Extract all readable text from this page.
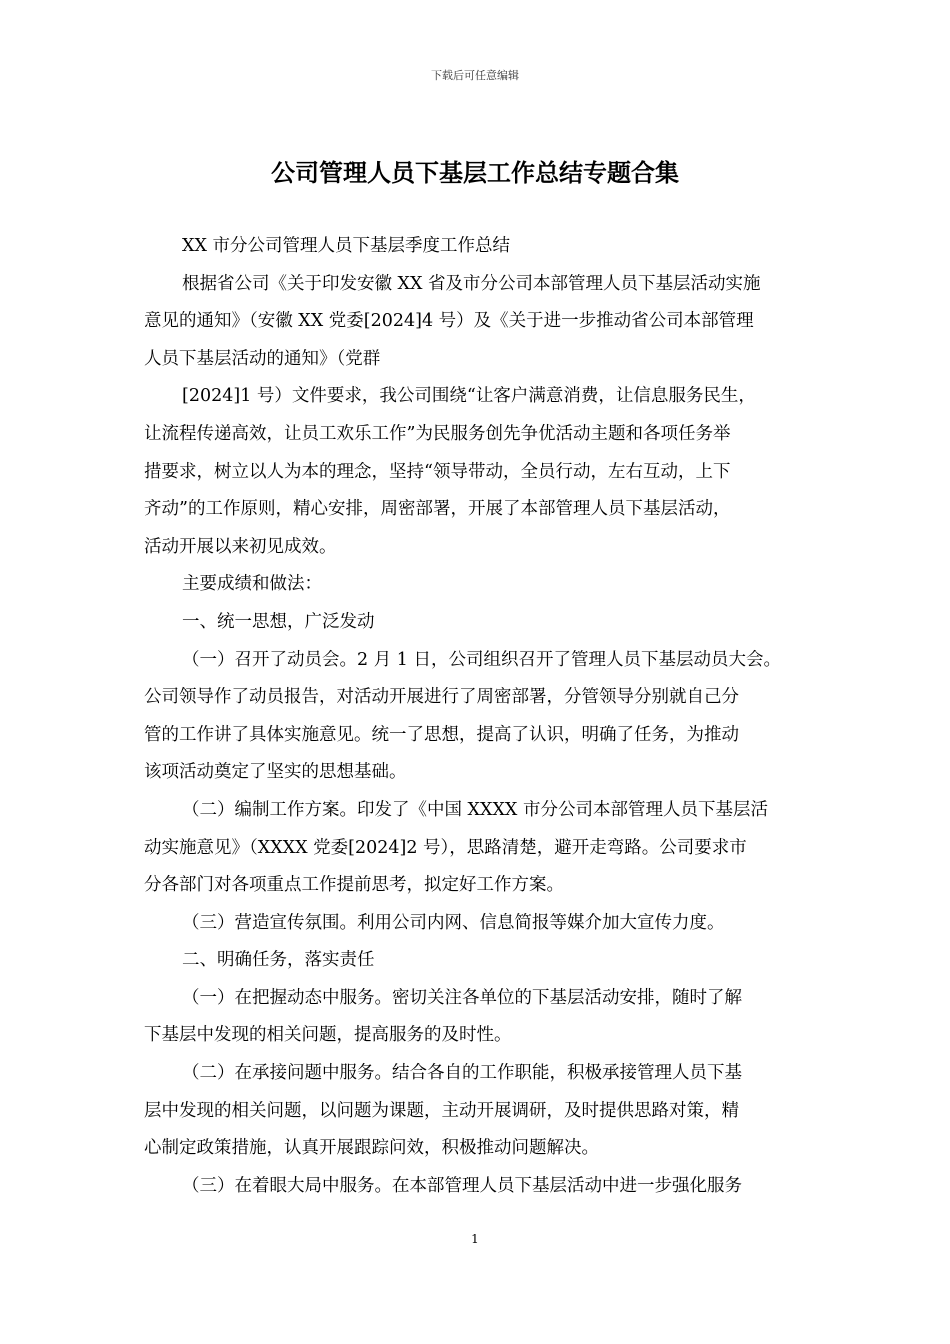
下载后可任意编辑
公司管理人员下基层工作总结专题合集
XX 市分公司管理人员下基层季度工作总结
根据省公司《关于印发安徽 XX 省及市分公司本部管理人员下基层活动实施
意见的通知》（安徽 XX 党委[2024]4 号）及《关于进一步推动省公司本部管理
人员下基层活动的通知》（党群
[2024]1 号）文件要求，我公司围绕“让客户满意消费，让信息服务民生，
让流程传递高效，让员工欢乐工作”为民服务创先争优活动主题和各项任务举
措要求，树立以人为本的理念，坚持“领导带动，全员行动，左右互动，上下
齐动”的工作原则，精心安排，周密部署，开展了本部管理人员下基层活动，
活动开展以来初见成效。
主要成绩和做法：
一、统一思想，广泛发动
（一）召开了动员会。2 月 1 日，公司组织召开了管理人员下基层动员大会。
公司领导作了动员报告，对活动开展进行了周密部署，分管领导分别就自己分
管的工作讲了具体实施意见。统一了思想，提高了认识，明确了任务，为推动
该项活动奠定了坚实的思想基础。
（二）编制工作方案。印发了《中国 XXXX 市分公司本部管理人员下基层活
动实施意见》（XXXX 党委[2024]2 号），思路清楚，避开走弯路。公司要求市
分各部门对各项重点工作提前思考，拟定好工作方案。
（三）营造宣传氛围。利用公司内网、信息简报等媒介加大宣传力度。
二、明确任务，落实责任
（一）在把握动态中服务。密切关注各单位的下基层活动安排，随时了解
下基层中发现的相关问题，提高服务的及时性。
（二）在承接问题中服务。结合各自的工作职能，积极承接管理人员下基
层中发现的相关问题，以问题为课题，主动开展调研，及时提供思路对策，精
心制定政策措施，认真开展跟踪问效，积极推动问题解决。
（三）在着眼大局中服务。在本部管理人员下基层活动中进一步强化服务
1
